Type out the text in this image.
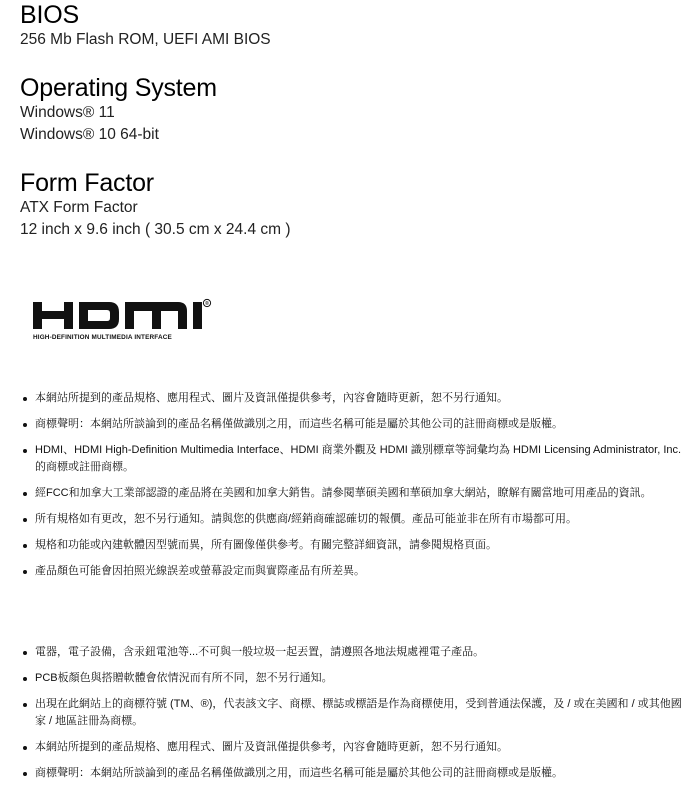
BIOS
256 Mb Flash ROM, UEFI AMI BIOS
Operating System
Windows® 11
Windows® 10 64-bit
Form Factor
ATX Form Factor
12 inch x 9.6 inch ( 30.5 cm x 24.4 cm )
®
HIGH-DEFINITION MULTIMEDIA INTERFACE
本網站所提到的產品規格、應用程式、圖片及資訊僅提供參考，內容會隨時更新，恕不另行通知。
商標聲明：本網站所談論到的產品名稱僅做識別之用，而這些名稱可能是屬於其他公司的註冊商標或是版權。
HDMI、HDMI High-Definition Multimedia Interface、HDMI 商業外觀及 HDMI 識別標章等詞彙均為 HDMI Licensing Administrator, Inc. 的商標或註冊商標。
經FCC和加拿大工業部認證的產品將在美國和加拿大銷售。請參閱華碩美國和華碩加拿大網站，瞭解有關當地可用產品的資訊。
所有規格如有更改，恕不另行通知。請與您的供應商/經銷商確認確切的報價。產品可能並非在所有市場都可用。
規格和功能或內建軟體因型號而異，所有圖像僅供參考。有關完整詳細資訊，請參閱規格頁面。
產品顏色可能會因拍照光線誤差或螢幕設定而與實際產品有所差異。
電器，電子設備，含汞鈕電池等...不可與一般垃圾一起丟置，請遵照各地法規處裡電子產品。
PCB板顏色與搭贈軟體會依情況而有所不同，恕不另行通知。
出現在此網站上的商標符號 (TM、®)，代表該文字、商標、標誌或標語是作為商標使用，受到普通法保護，及 / 或在美國和 / 或其他國家 / 地區註冊為商標。
本網站所提到的產品規格、應用程式、圖片及資訊僅提供參考，內容會隨時更新，恕不另行通知。
商標聲明：本網站所談論到的產品名稱僅做識別之用，而這些名稱可能是屬於其他公司的註冊商標或是版權。
